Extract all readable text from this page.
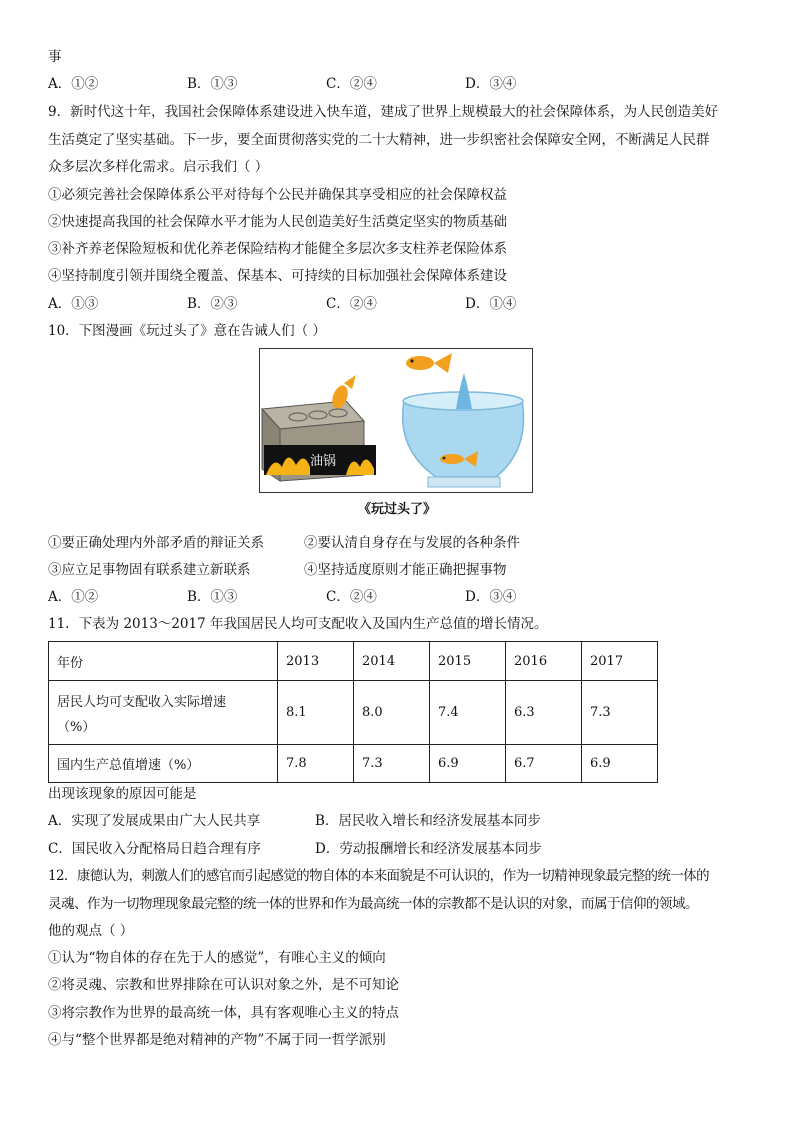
事
A．①②	B．①③	C．②④	D．③④
9．新时代这十年，我国社会保障体系建设进入快车道，建成了世界上规模最大的社会保障体系，为人民创造美好
生活奠定了坚实基础。下一步，要全面贯彻落实党的二十大精神，进一步织密社会保障安全网，不断满足人民群
众多层次多样化需求。启示我们（ ）
①必须完善社会保障体系公平对待每个公民并确保其享受相应的社会保障权益
②快速提高我国的社会保障水平才能为人民创造美好生活奠定坚实的物质基础
③补齐养老保险短板和优化养老保险结构才能健全多层次多支柱养老保险体系
④坚持制度引领并围绕全覆盖、保基本、可持续的目标加强社会保障体系建设
A．①③	B．②③	C．②④	D．①④
10．下图漫画《玩过头了》意在告诫人们（ ）
油锅
《玩过头了》
①要正确处理内外部矛盾的辩证关系	②要认清自身存在与发展的各种条件
③应立足事物固有联系建立新联系	④坚持适度原则才能正确把握事物
A．①②	B．①③	C．②④	D．③④
11．下表为 2013～2017 年我国居民人均可支配收入及国内生产总值的增长情况。
年份	2013	2014	2015	2016	2017

居民人均可支配收入实际增速
（%）	8.1	8.0	7.4	6.3	7.3
国内生产总值增速（%）	7.8	7.3	6.9	6.7	6.9
出现该现象的原因可能是
A．实现了发展成果由广大人民共享	B．居民收入增长和经济发展基本同步
C．国民收入分配格局日趋合理有序	D．劳动报酬增长和经济发展基本同步
12．康德认为，刺激人们的感官而引起感觉的物自体的本来面貌是不可认识的，作为一切精神现象最完整的统一体的
灵魂、作为一切物理现象最完整的统一体的世界和作为最高统一体的宗教都不是认识的对象，而属于信仰的领域。
他的观点（ ）
①认为“物自体的存在先于人的感觉”，有唯心主义的倾向
②将灵魂、宗教和世界排除在可认识对象之外，是不可知论
③将宗教作为世界的最高统一体，具有客观唯心主义的特点
④与“整个世界都是绝对精神的产物”不属于同一哲学派别
